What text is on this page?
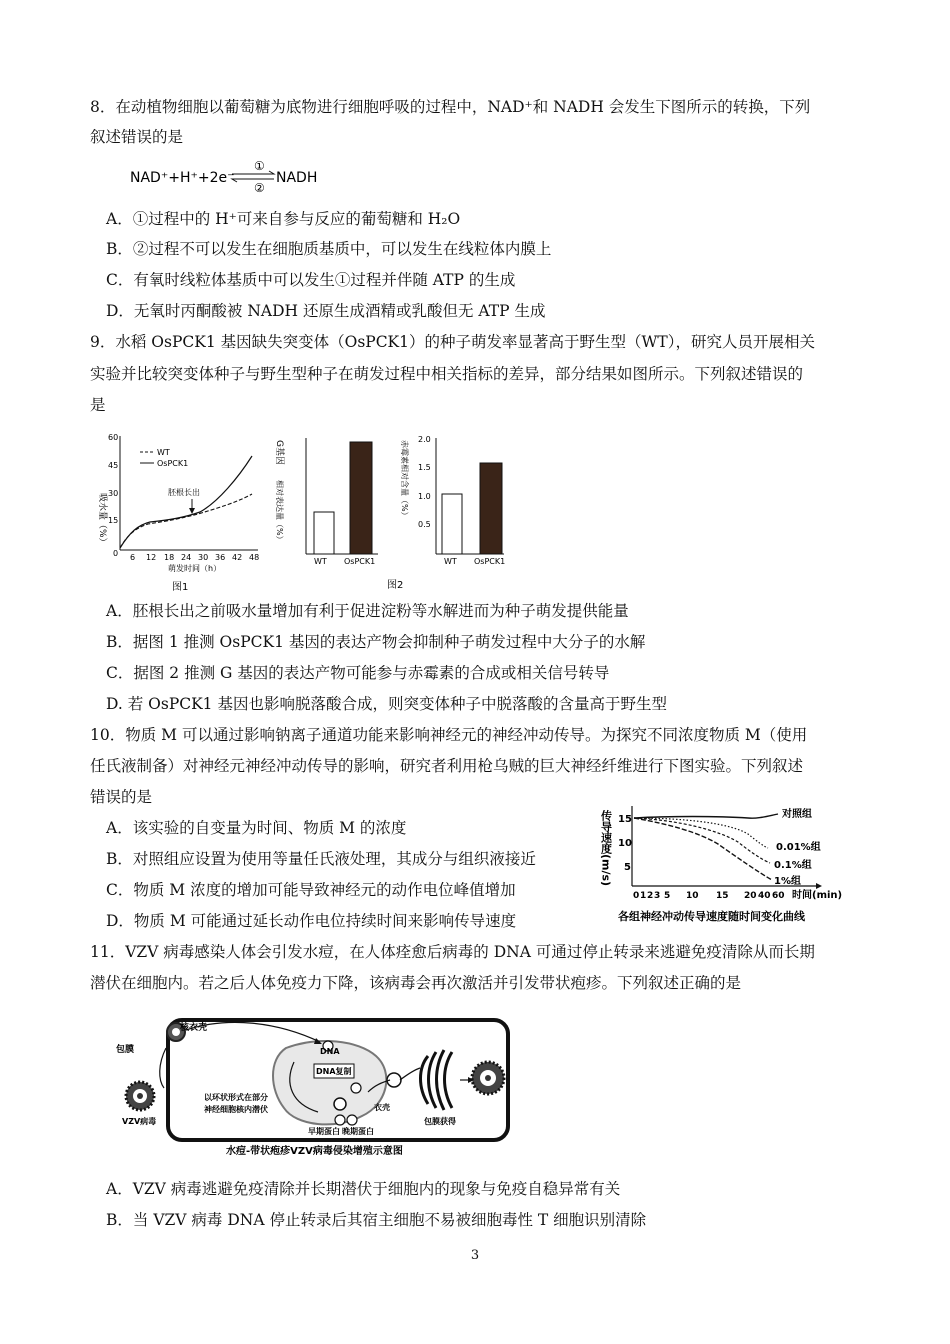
8．在动植物细胞以葡萄糖为底物进行细胞呼吸的过程中，NAD⁺和 NADH 会发生下图所示的转换，下列
叙述错误的是
NAD⁺+H⁺+2e⁻
①
②
NADH
A．①过程中的 H⁺可来自参与反应的葡萄糖和 H₂O
B．②过程不可以发生在细胞质基质中，可以发生在线粒体内膜上
C．有氧时线粒体基质中可以发生①过程并伴随 ATP 的生成
D．无氧时丙酮酸被 NADH 还原生成酒精或乳酸但无 ATP 生成
9．水稻 OsPCK1 基因缺失突变体（OsPCK1）的种子萌发率显著高于野生型（WT），研究人员开展相关
实验并比较突变体种子与野生型种子在萌发过程中相关指标的差异，部分结果如图所示。下列叙述错误的
是
吸水量（%）
60
45
30
15
0 6 12 18 24 30 36 42 48
萌发时间（h）
WT
OsPCK1
胚根长出
图1
G基因
相对表达量（%）
WT OsPCK1
赤霉素相对含量（%）
2.0
1.5
1.0
0.5
WT OsPCK1
图2
A．胚根长出之前吸水量增加有利于促进淀粉等水解进而为种子萌发提供能量
B．据图 1 推测 OsPCK1 基因的表达产物会抑制种子萌发过程中大分子的水解
C．据图 2 推测 G 基因的表达产物可能参与赤霉素的合成或相关信号转导
D. 若 OsPCK1 基因也影响脱落酸合成，则突变体种子中脱落酸的含量高于野生型
10．物质 M 可以通过影响钠离子通道功能来影响神经元的神经冲动传导。为探究不同浓度物质 M（使用
任氏液制备）对神经元神经冲动传导的影响，研究者利用枪乌贼的巨大神经纤维进行下图实验。下列叙述
错误的是
A．该实验的自变量为时间、物质 M 的浓度
B．对照组应设置为使用等量任氏液处理，其成分与组织液接近
C．物质 M 浓度的增加可能导致神经元的动作电位峰值增加
D．物质 M 可能通过延长动作电位持续时间来影响传导速度
传导速度(m/s) 15
10
5
0 1 2 3 5 10 15 20 40 60 时间(min)
对照组
0.01%组
0.1%组
1%组
各组神经冲动传导速度随时间变化曲线
11．VZV 病毒感染人体会引发水痘，在人体痊愈后病毒的 DNA 可通过停止转录来逃避免疫清除从而长期
潜伏在细胞内。若之后人体免疫力下降，该病毒会再次激活并引发带状疱疹。下列叙述正确的是
核衣壳
包膜	DNA
DNA复制
以环状形式在部分
神经细胞核内潜伏	衣壳
早期蛋白 晚期蛋白
包膜获得
VZV病毒
水痘-带状疱疹VZV病毒侵染增殖示意图
A．VZV 病毒逃避免疫清除并长期潜伏于细胞内的现象与免疫自稳异常有关
B．当 VZV 病毒 DNA 停止转录后其宿主细胞不易被细胞毒性 T 细胞识别清除
3
